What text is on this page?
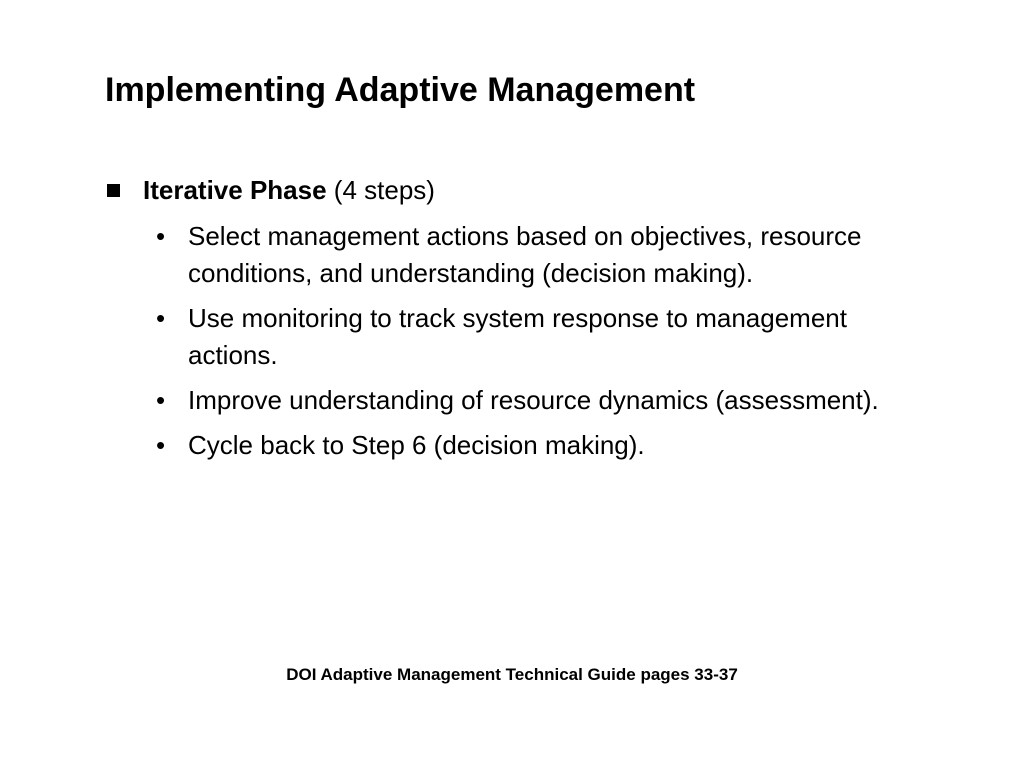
Implementing Adaptive Management
Iterative Phase (4 steps)
• Select management actions based on objectives, resource conditions, and understanding (decision making).
• Use monitoring to track system response to management actions.
• Improve understanding of resource dynamics (assessment).
• Cycle back to Step 6 (decision making).
DOI Adaptive Management Technical Guide pages 33-37
